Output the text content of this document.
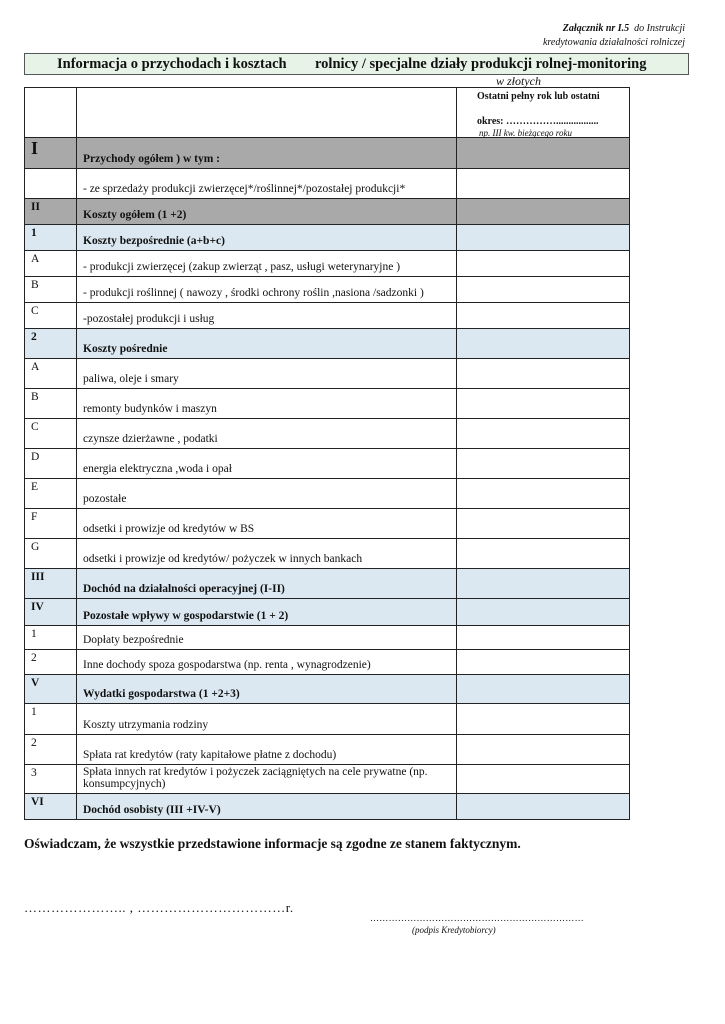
Załącznik nr I.5 do Instrukcji
kredytowania działalności rolniczej
Informacja o przychodach i kosztach rolnicy / specjalne działy produkcji rolnej-monitoring
w złotych

		Ostatni pełny rok lub ostatni
okres: …………….................
np. III kw. bieżącego roku

I	Przychody ogółem ) w tym :	
	- ze sprzedaży produkcji zwierzęcej*/roślinnej*/pozostałej produkcji*	
II	Koszty ogółem (1 +2)	
1	Koszty bezpośrednie (a+b+c)	
A	- produkcji zwierzęcej (zakup zwierząt , pasz, usługi weterynaryjne )	
B	- produkcji roślinnej ( nawozy , środki ochrony roślin ,nasiona /sadzonki )	
C	-pozostałej produkcji i usług	
2	Koszty pośrednie	
A	paliwa, oleje i smary	
B	remonty budynków i maszyn	
C	czynsze dzierżawne , podatki	
D	energia elektryczna ,woda i opał	
E	pozostałe	
F	odsetki i prowizje od kredytów w BS	
G	odsetki i prowizje od kredytów/ pożyczek w innych bankach	
III	Dochód na działalności operacyjnej (I-II)	
IV	Pozostałe wpływy w gospodarstwie (1 + 2)	
1	Dopłaty bezpośrednie	
2	Inne dochody spoza gospodarstwa (np. renta , wynagrodzenie)	
V	Wydatki gospodarstwa (1 +2+3)	
1	Koszty utrzymania rodziny	
2	Spłata rat kredytów (raty kapitałowe płatne z dochodu)	
3	Spłata innych rat kredytów i pożyczek zaciągniętych na cele prywatne (np. konsumpcyjnych)	
VI	Dochód osobisty (III +IV-V)	
Oświadczam, że wszystkie przedstawione informacje są zgodne ze stanem faktycznym.
………………….. , ……………………………r.
……………………………………………………………
(podpis Kredytobiorcy)
